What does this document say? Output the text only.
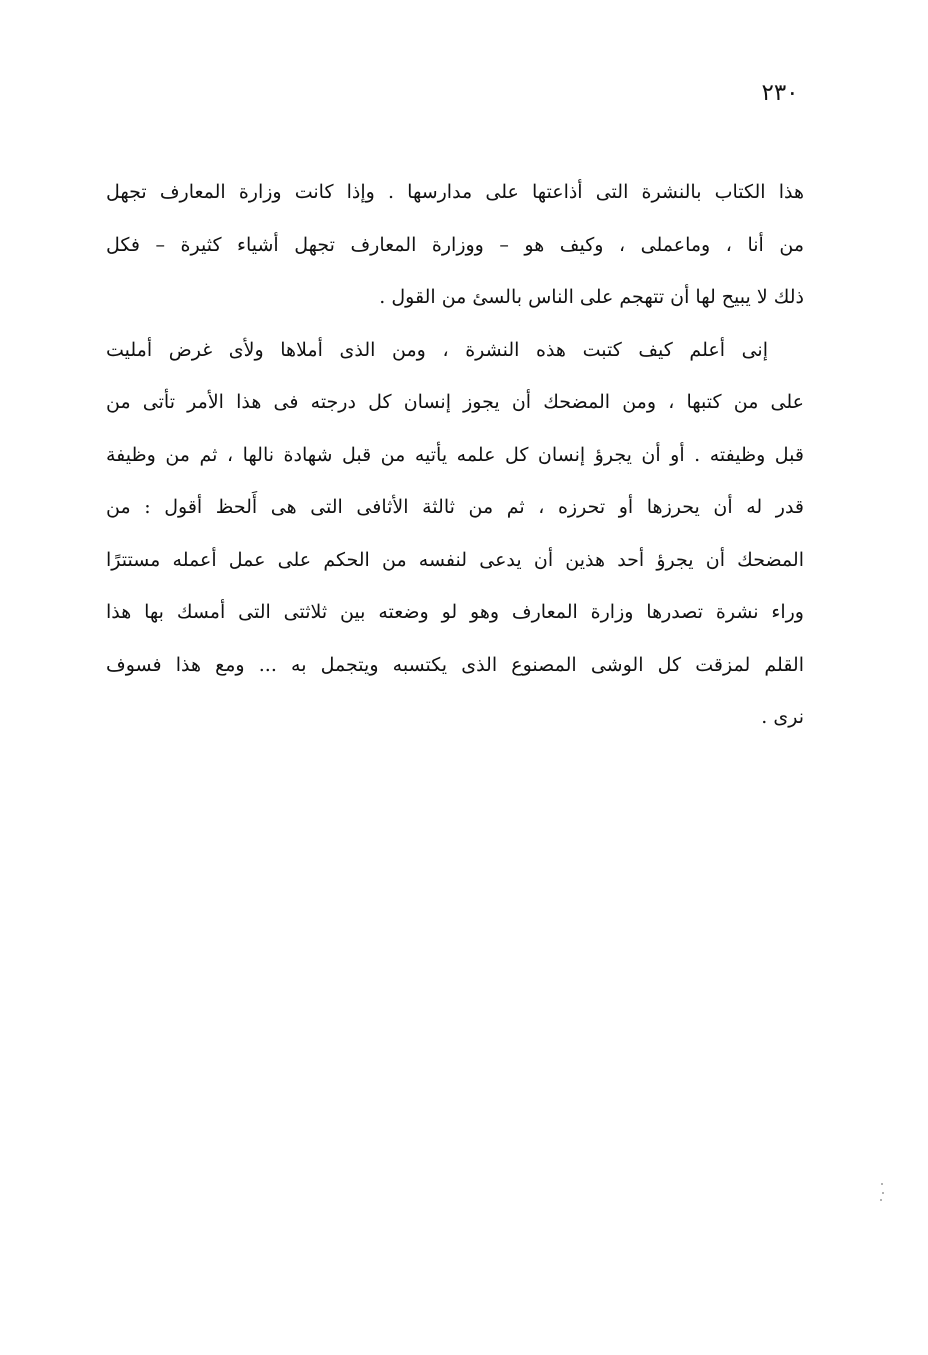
٢٣٠
هذا الكتاب بالنشرة التى أذاعتها على مدارسها . وإذا كانت وزارة المعارف تجهل
من أنا ، وماعملى ، وكيف هو – ووزارة المعارف تجهل أشياء كثيرة – فكل
ذلك لا يبيح لها أن تتهجم على الناس بالسئ من القول .
إنى أعلم كيف كتبت هذه النشرة ، ومن الذى أملاها ولأى غرض أمليت
على من كتبها ، ومن المضحك أن يجوز إنسان كل درجته فى هذا الأمر تأتى من
قبل وظيفته . أو أن يجرؤ إنسان كل علمه يأتيه من قبل شهادة نالها ، ثم من وظيفة
قدر له أن يحرزها أو تحرزه ، ثم من ثالثة الأثافى التى هى أَلحظ أقول : من
المضحك أن يجرؤ أحد هذين أن يدعى لنفسه من الحكم على عمل أعمله مستترًا
وراء نشرة تصدرها وزارة المعارف وهو لو وضعته بين ثلاثتى التى أمسك بها هذا
القلم لمزقت كل الوشى المصنوع الذى يكتسبه ويتجمل به ... ومع هذا فسوف
نرى .
